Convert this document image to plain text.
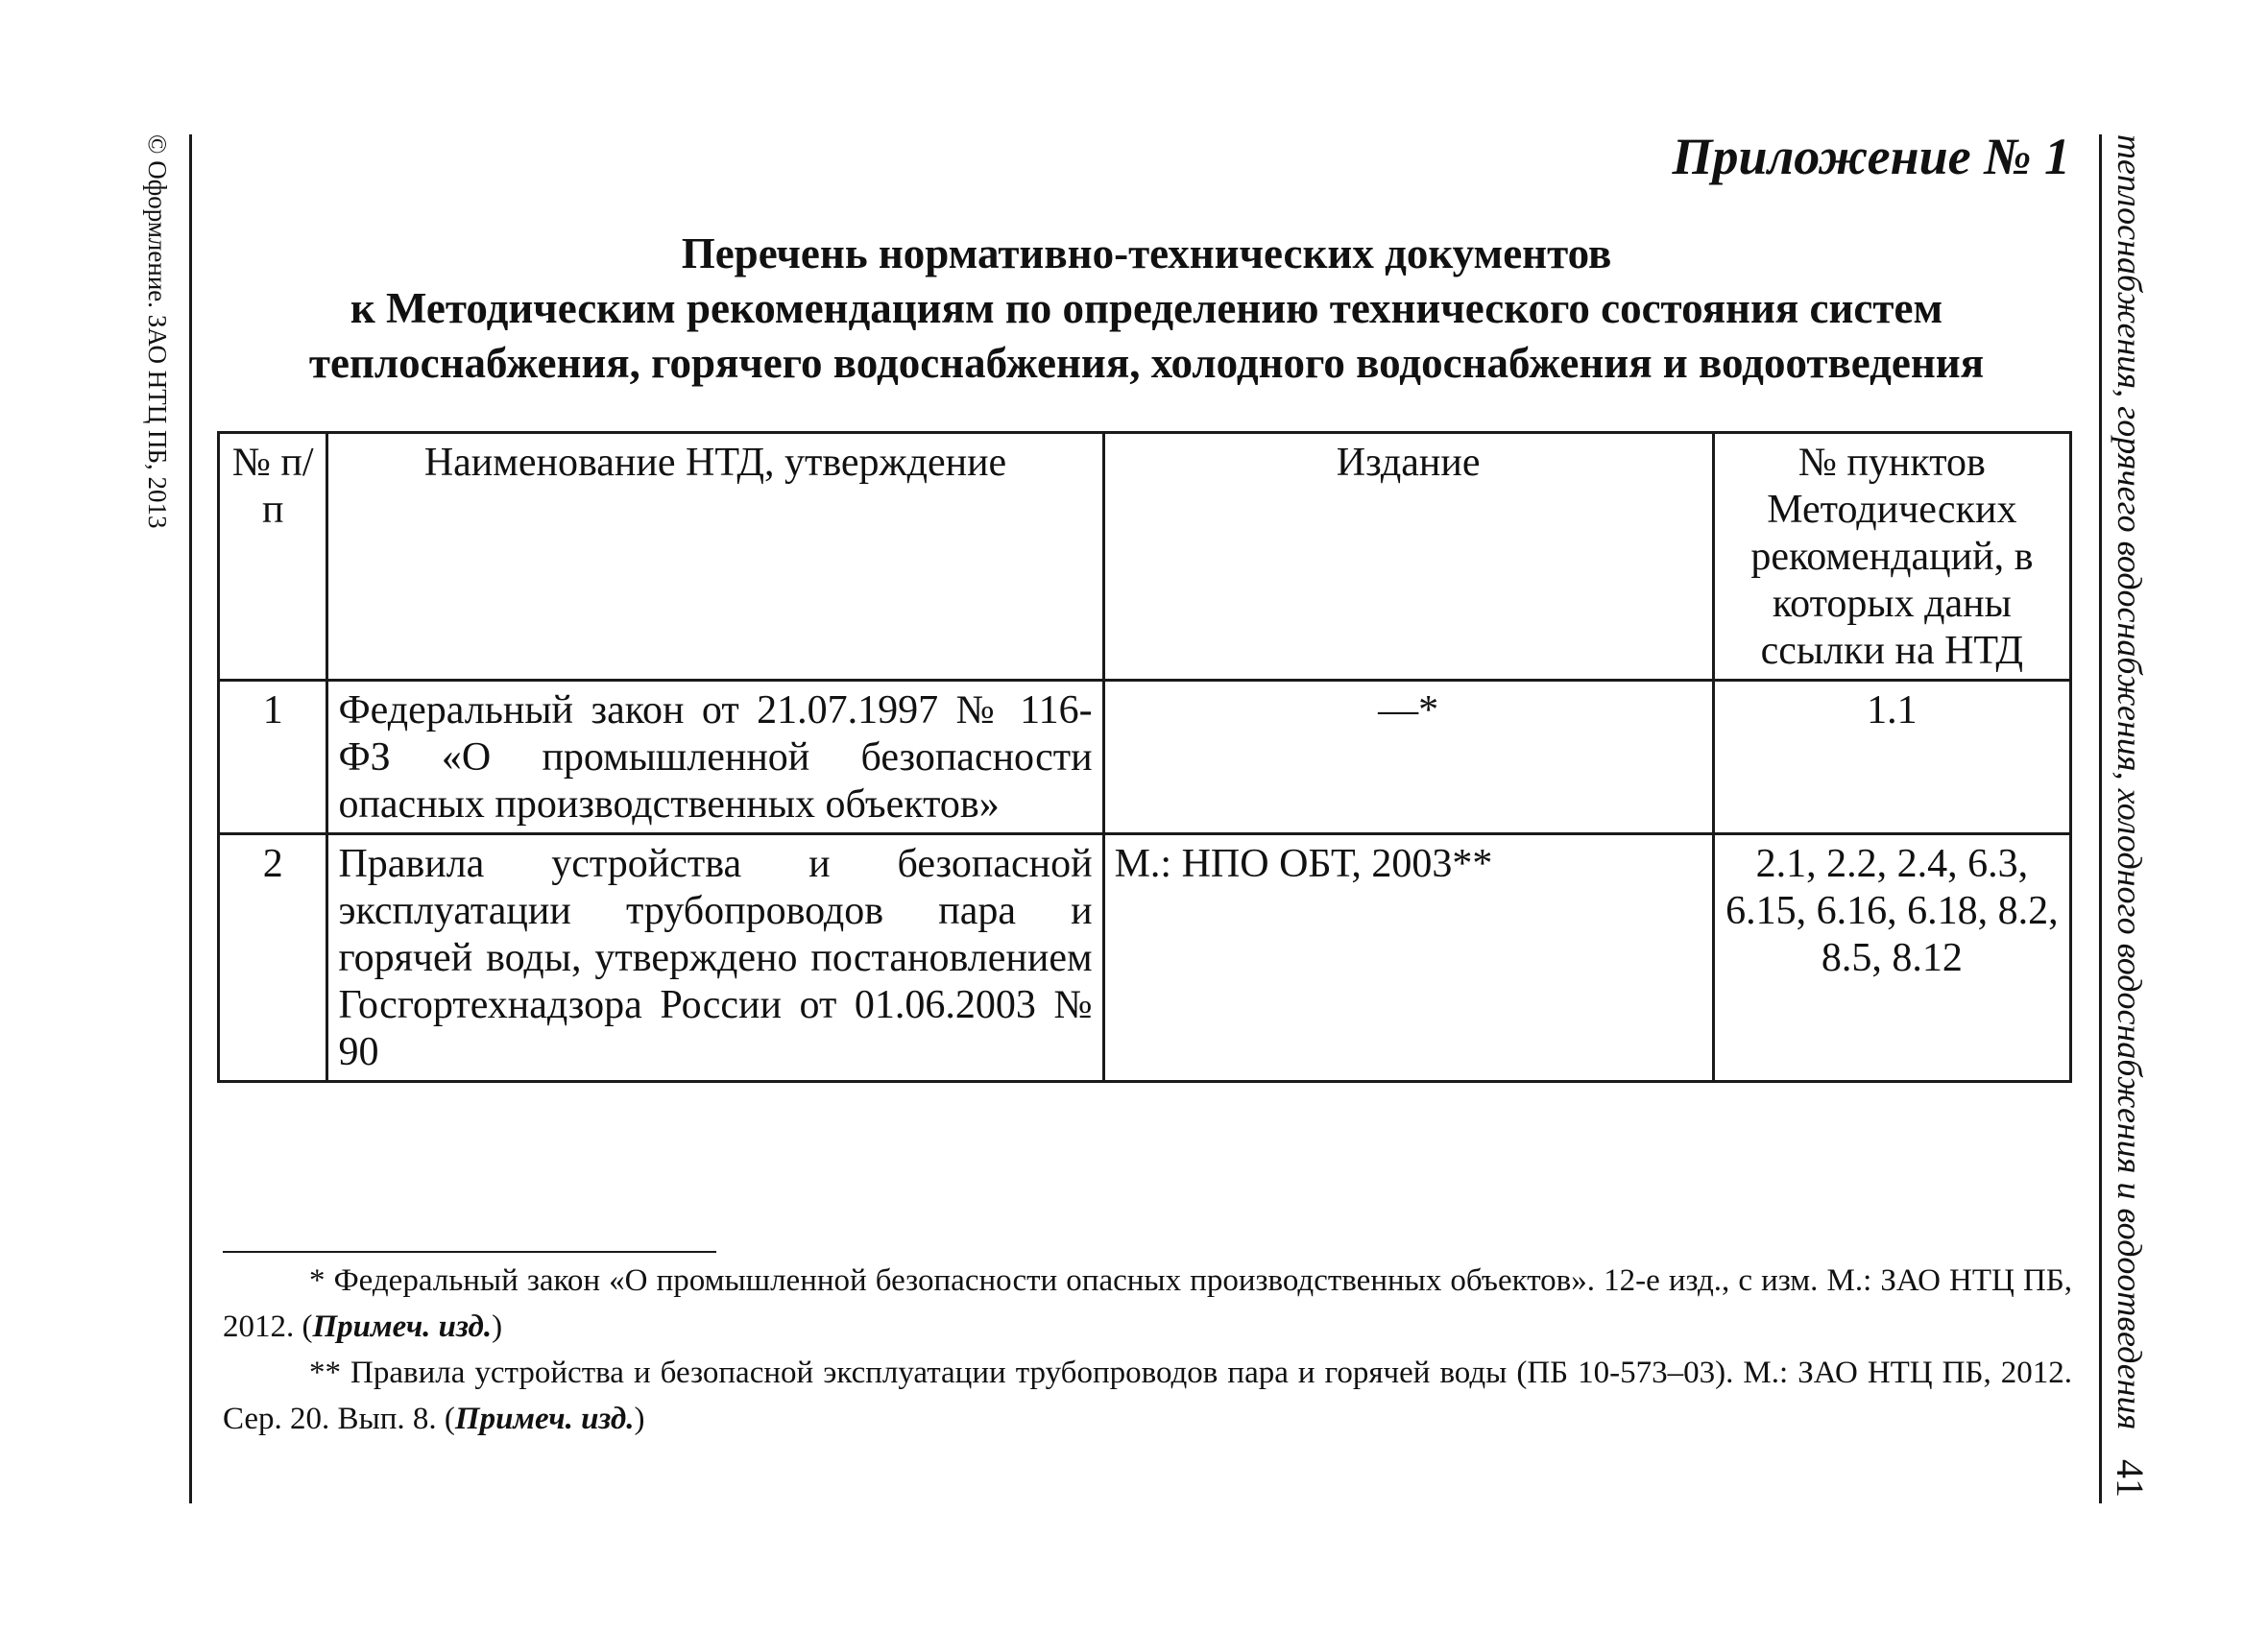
© Оформление. ЗАО НТЦ ПБ, 2013	теплоснабжения, горячего водоснабжения, холодного водоснабжения и водоотведения
41
Приложение № 1
Перечень нормативно-технических документов
к Методическим рекомендациям по определению технического состояния систем
теплоснабжения, горячего водоснабжения, холодного водоснабжения и водоотведения
№ п/п	Наименование НТД, утверждение	Издание	№ пунктов Методических рекомендаций, в которых даны ссылки на НТД
1	Федеральный закон от 21.07.1997 № 116-ФЗ «О промышленной безопасности опасных производственных объектов»	—*	1.1
2	Правила устройства и безопасной эксплуатации трубопроводов пара и горячей воды, утверждено постановлением Госгортехнадзора России от 01.06.2003 № 90	М.: НПО ОБТ, 2003**	2.1, 2.2, 2.4, 6.3, 6.15, 6.16, 6.18, 8.2, 8.5, 8.12

* Федеральный закон «О промышленной безопасности опасных производственных объектов». 12-е изд., с изм. М.: ЗАО НТЦ ПБ, 2012. (Примеч. изд.)

** Правила устройства и безопасной эксплуатации трубопроводов пара и горячей воды (ПБ 10-573–03). М.: ЗАО НТЦ ПБ, 2012. Сер. 20. Вып. 8. (Примеч. изд.)
